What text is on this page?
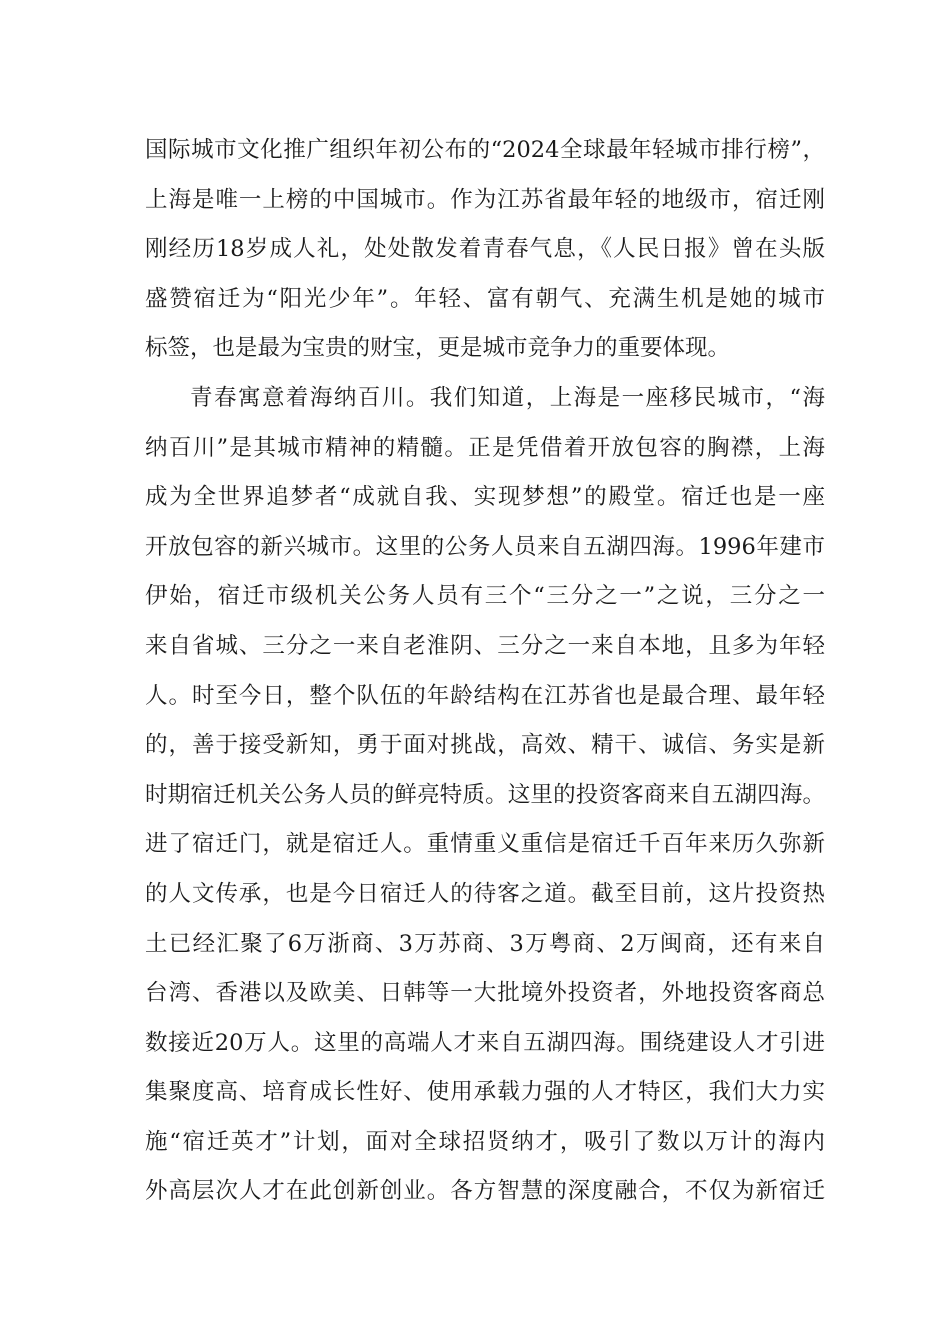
国际城市文化推广组织年初公布的“2024全球最年轻城市排行榜”，
上海是唯一上榜的中国城市。作为江苏省最年轻的地级市，宿迁刚
刚经历18岁成人礼，处处散发着青春气息，《人民日报》曾在头版
盛赞宿迁为“阳光少年”。年轻、富有朝气、充满生机是她的城市
标签，也是最为宝贵的财宝，更是城市竞争力的重要体现。
青春寓意着海纳百川。我们知道，上海是一座移民城市，“海
纳百川”是其城市精神的精髓。正是凭借着开放包容的胸襟，上海
成为全世界追梦者“成就自我、实现梦想”的殿堂。宿迁也是一座
开放包容的新兴城市。这里的公务人员来自五湖四海。1996年建市
伊始，宿迁市级机关公务人员有三个“三分之一”之说，三分之一
来自省城、三分之一来自老淮阴、三分之一来自本地，且多为年轻
人。时至今日，整个队伍的年龄结构在江苏省也是最合理、最年轻
的，善于接受新知，勇于面对挑战，高效、精干、诚信、务实是新
时期宿迁机关公务人员的鲜亮特质。这里的投资客商来自五湖四海。
进了宿迁门，就是宿迁人。重情重义重信是宿迁千百年来历久弥新
的人文传承，也是今日宿迁人的待客之道。截至目前，这片投资热
土已经汇聚了6万浙商、3万苏商、3万粤商、2万闽商，还有来自
台湾、香港以及欧美、日韩等一大批境外投资者，外地投资客商总
数接近20万人。这里的高端人才来自五湖四海。围绕建设人才引进
集聚度高、培育成长性好、使用承载力强的人才特区，我们大力实
施“宿迁英才”计划，面对全球招贤纳才，吸引了数以万计的海内
外高层次人才在此创新创业。各方智慧的深度融合，不仅为新宿迁
